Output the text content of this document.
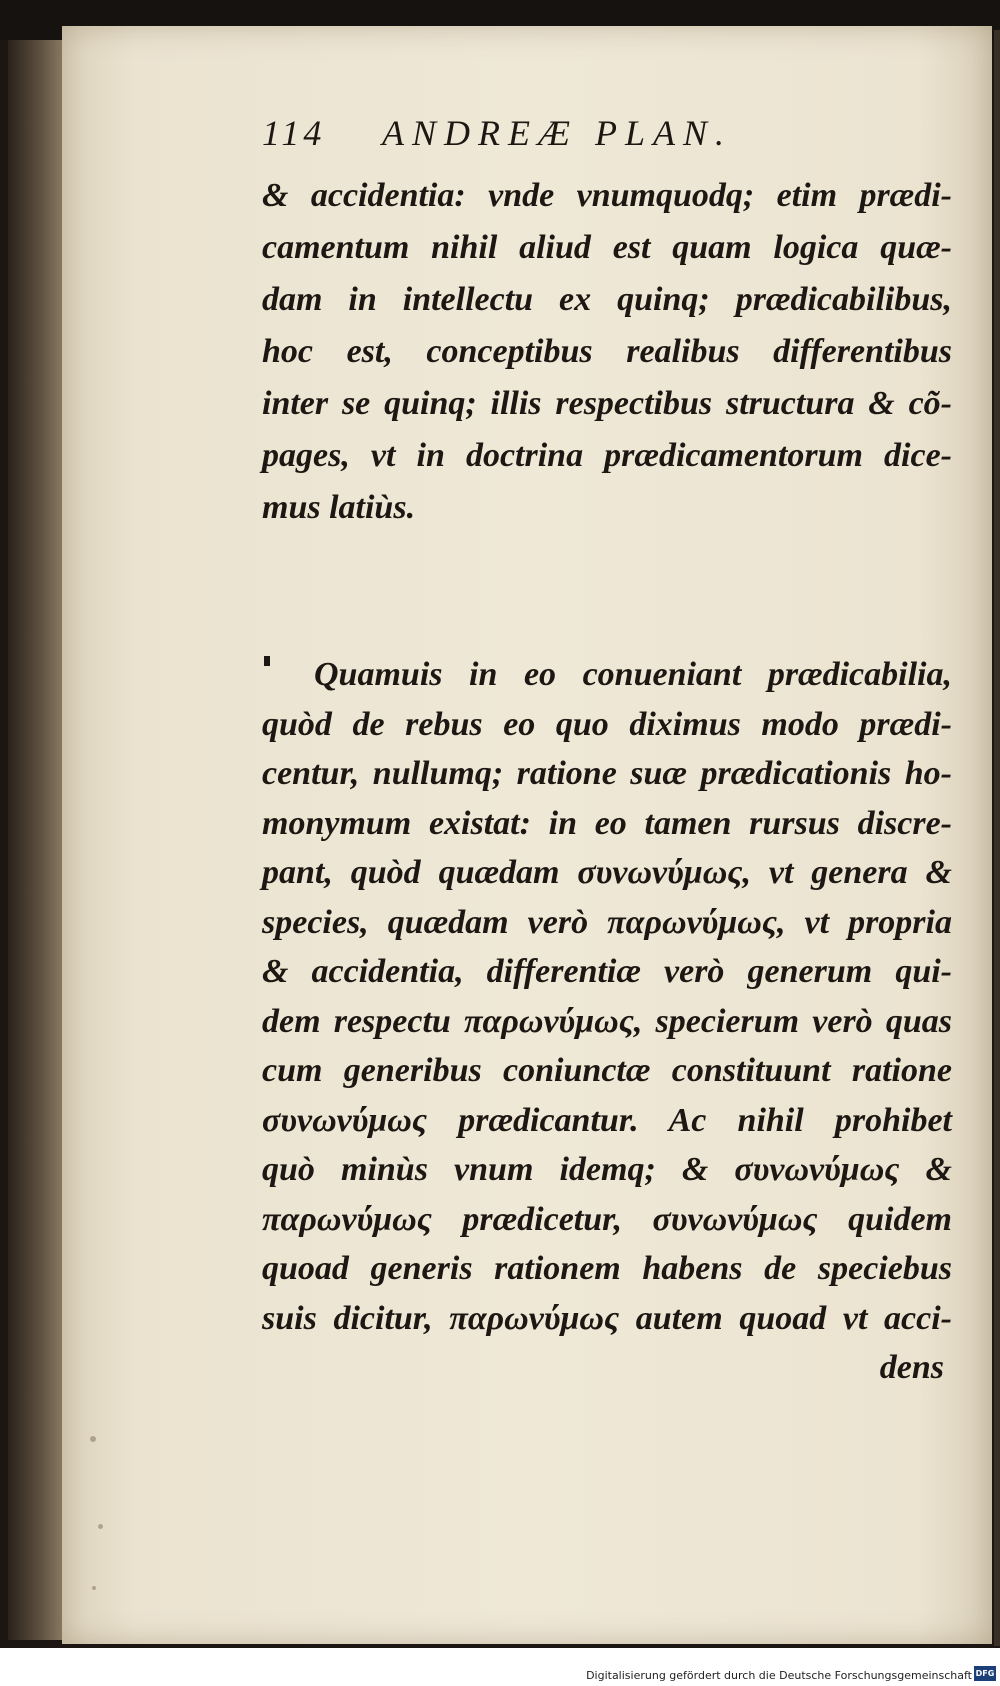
114	ANDREÆ PLAN.
& accidentia: vnde vnumquodq; etim prædi-
camentum nihil aliud est quam logica quæ-
dam in intellectu ex quinq; prædicabilibus,
hoc est, conceptibus realibus differentibus
inter se quinq; illis respectibus structura & cõ-
pages, vt in doctrina prædicamentorum dice-
mus latiùs.
Quamuis in eo conueniant prædicabilia,
quòd de rebus eo quo diximus modo prædi-
centur, nullumq; ratione suæ prædicationis ho-
monymum existat: in eo tamen rursus discre-
pant, quòd quædam συνωνύμως, vt genera &
species, quædam verò παρωνύμως, vt propria
& accidentia, differentiæ verò generum qui-
dem respectu παρωνύμως, specierum verò quas
cum generibus coniunctæ constituunt ratione
συνωνύμως prædicantur. Ac nihil prohibet
quò minùs vnum idemq; & συνωνύμως &
παρωνύμως prædicetur, συνωνύμως quidem
quoad generis rationem habens de speciebus
suis dicitur, παρωνύμως autem quoad vt acci-
dens
Digitalisierung gefördert durch die Deutsche Forschungsgemeinschaft DFG
